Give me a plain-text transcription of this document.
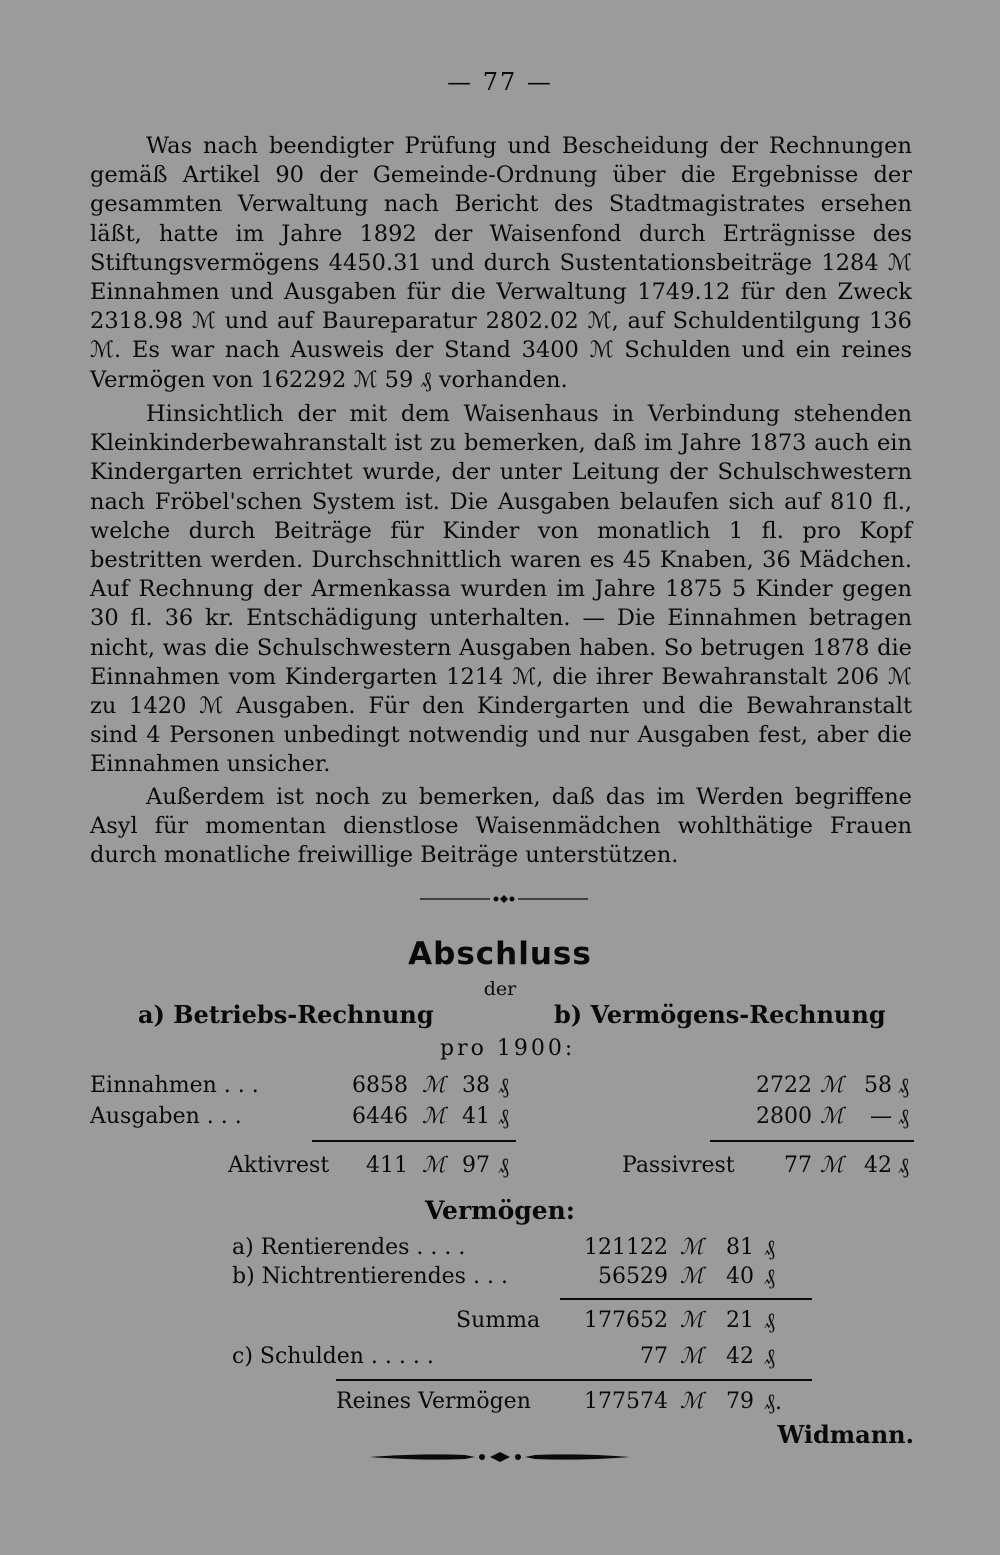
— 77 —

Was nach beendigter Prüfung und Bescheidung der Rechnungen gemäß Artikel 90 der Gemeinde-Ordnung über die Ergebnisse der gesammten Verwaltung nach Bericht des Stadtmagistrates ersehen läßt, hatte im Jahre 1892 der Waisenfond durch Erträgnisse des Stiftungsvermögens 4450.31 und durch Sustentationsbeiträge 1284 ℳ Einnahmen und Ausgaben für die Verwaltung 1749.12 für den Zweck 2318.98 ℳ und auf Baureparatur 2802.02 ℳ, auf Schuldentilgung 136 ℳ. Es war nach Ausweis der Stand 3400 ℳ Schulden und ein reines Vermögen von 162292 ℳ 59 ₰ vorhanden.

Hinsichtlich der mit dem Waisenhaus in Verbindung stehenden Kleinkinderbewahranstalt ist zu bemerken, daß im Jahre 1873 auch ein Kindergarten errichtet wurde, der unter Leitung der Schulschwestern nach Fröbel'schen System ist. Die Ausgaben belaufen sich auf 810 fl., welche durch Beiträge für Kinder von monatlich 1 fl. pro Kopf bestritten werden. Durchschnittlich waren es 45 Knaben, 36 Mädchen. Auf Rechnung der Armenkassa wurden im Jahre 1875 5 Kinder gegen 30 fl. 36 kr. Entschädigung unterhalten. — Die Einnahmen betragen nicht, was die Schulschwestern Ausgaben haben. So betrugen 1878 die Einnahmen vom Kindergarten 1214 ℳ, die ihrer Bewahranstalt 206 ℳ zu 1420 ℳ Ausgaben. Für den Kindergarten und die Bewahranstalt sind 4 Personen unbedingt notwendig und nur Ausgaben fest, aber die Einnahmen unsicher.

Außerdem ist noch zu bemerken, daß das im Werden begriffene Asyl für momentan dienstlose Waisenmädchen wohlthätige Frauen durch monatliche freiwillige Beiträge unterstützen.

Abschluss
der
a) Betriebs-Rechnung	b) Vermögens-Rechnung
pro 1900:
Einnahmen . . .	6858 ℳ 38 ₰	2722 ℳ 58 ₰
Ausgaben . . .	6446 ℳ 41 ₰	2800 ℳ	— ₰
Aktivrest	411 ℳ 97 ₰	Passivrest	77 ℳ 42 ₰
Vermögen:
a) Rentierendes . . . .	121122 ℳ	81 ₰
b) Nichtrentierendes . . .	56529 ℳ	40 ₰
Summa	177652 ℳ	21 ₰
c) Schulden . . . . .	77 ℳ	42 ₰
Reines Vermögen	177574 ℳ	79 ₰.
Widmann.
